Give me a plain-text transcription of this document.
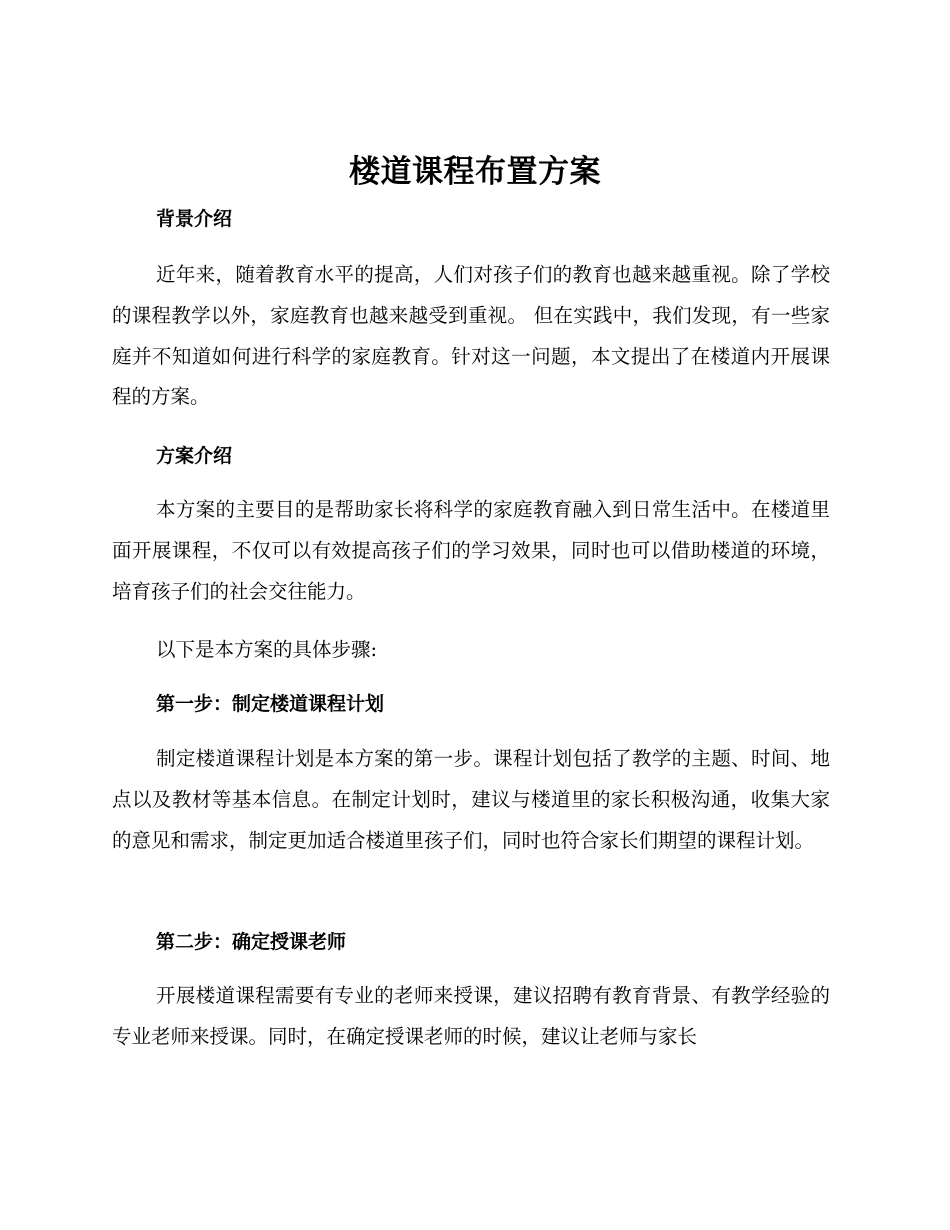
楼道课程布置方案
背景介绍

近年来，随着教育水平的提高，人们对孩子们的教育也越来越重视。除了学校的课程教学以外，家庭教育也越来越受到重视。 但在实践中，我们发现，有一些家庭并不知道如何进行科学的家庭教育。针对这一问题，本文提出了在楼道内开展课程的方案。

方案介绍

本方案的主要目的是帮助家长将科学的家庭教育融入到日常生活中。在楼道里面开展课程，不仅可以有效提高孩子们的学习效果，同时也可以借助楼道的环境，培育孩子们的社会交往能力。

以下是本方案的具体步骤:

第一步：制定楼道课程计划

制定楼道课程计划是本方案的第一步。课程计划包括了教学的主题、时间、地点以及教材等基本信息。在制定计划时，建议与楼道里的家长积极沟通，收集大家的意见和需求，制定更加适合楼道里孩子们，同时也符合家长们期望的课程计划。

第二步：确定授课老师

开展楼道课程需要有专业的老师来授课，建议招聘有教育背景、有教学经验的专业老师来授课。同时，在确定授课老师的时候，建议让老师与家长
